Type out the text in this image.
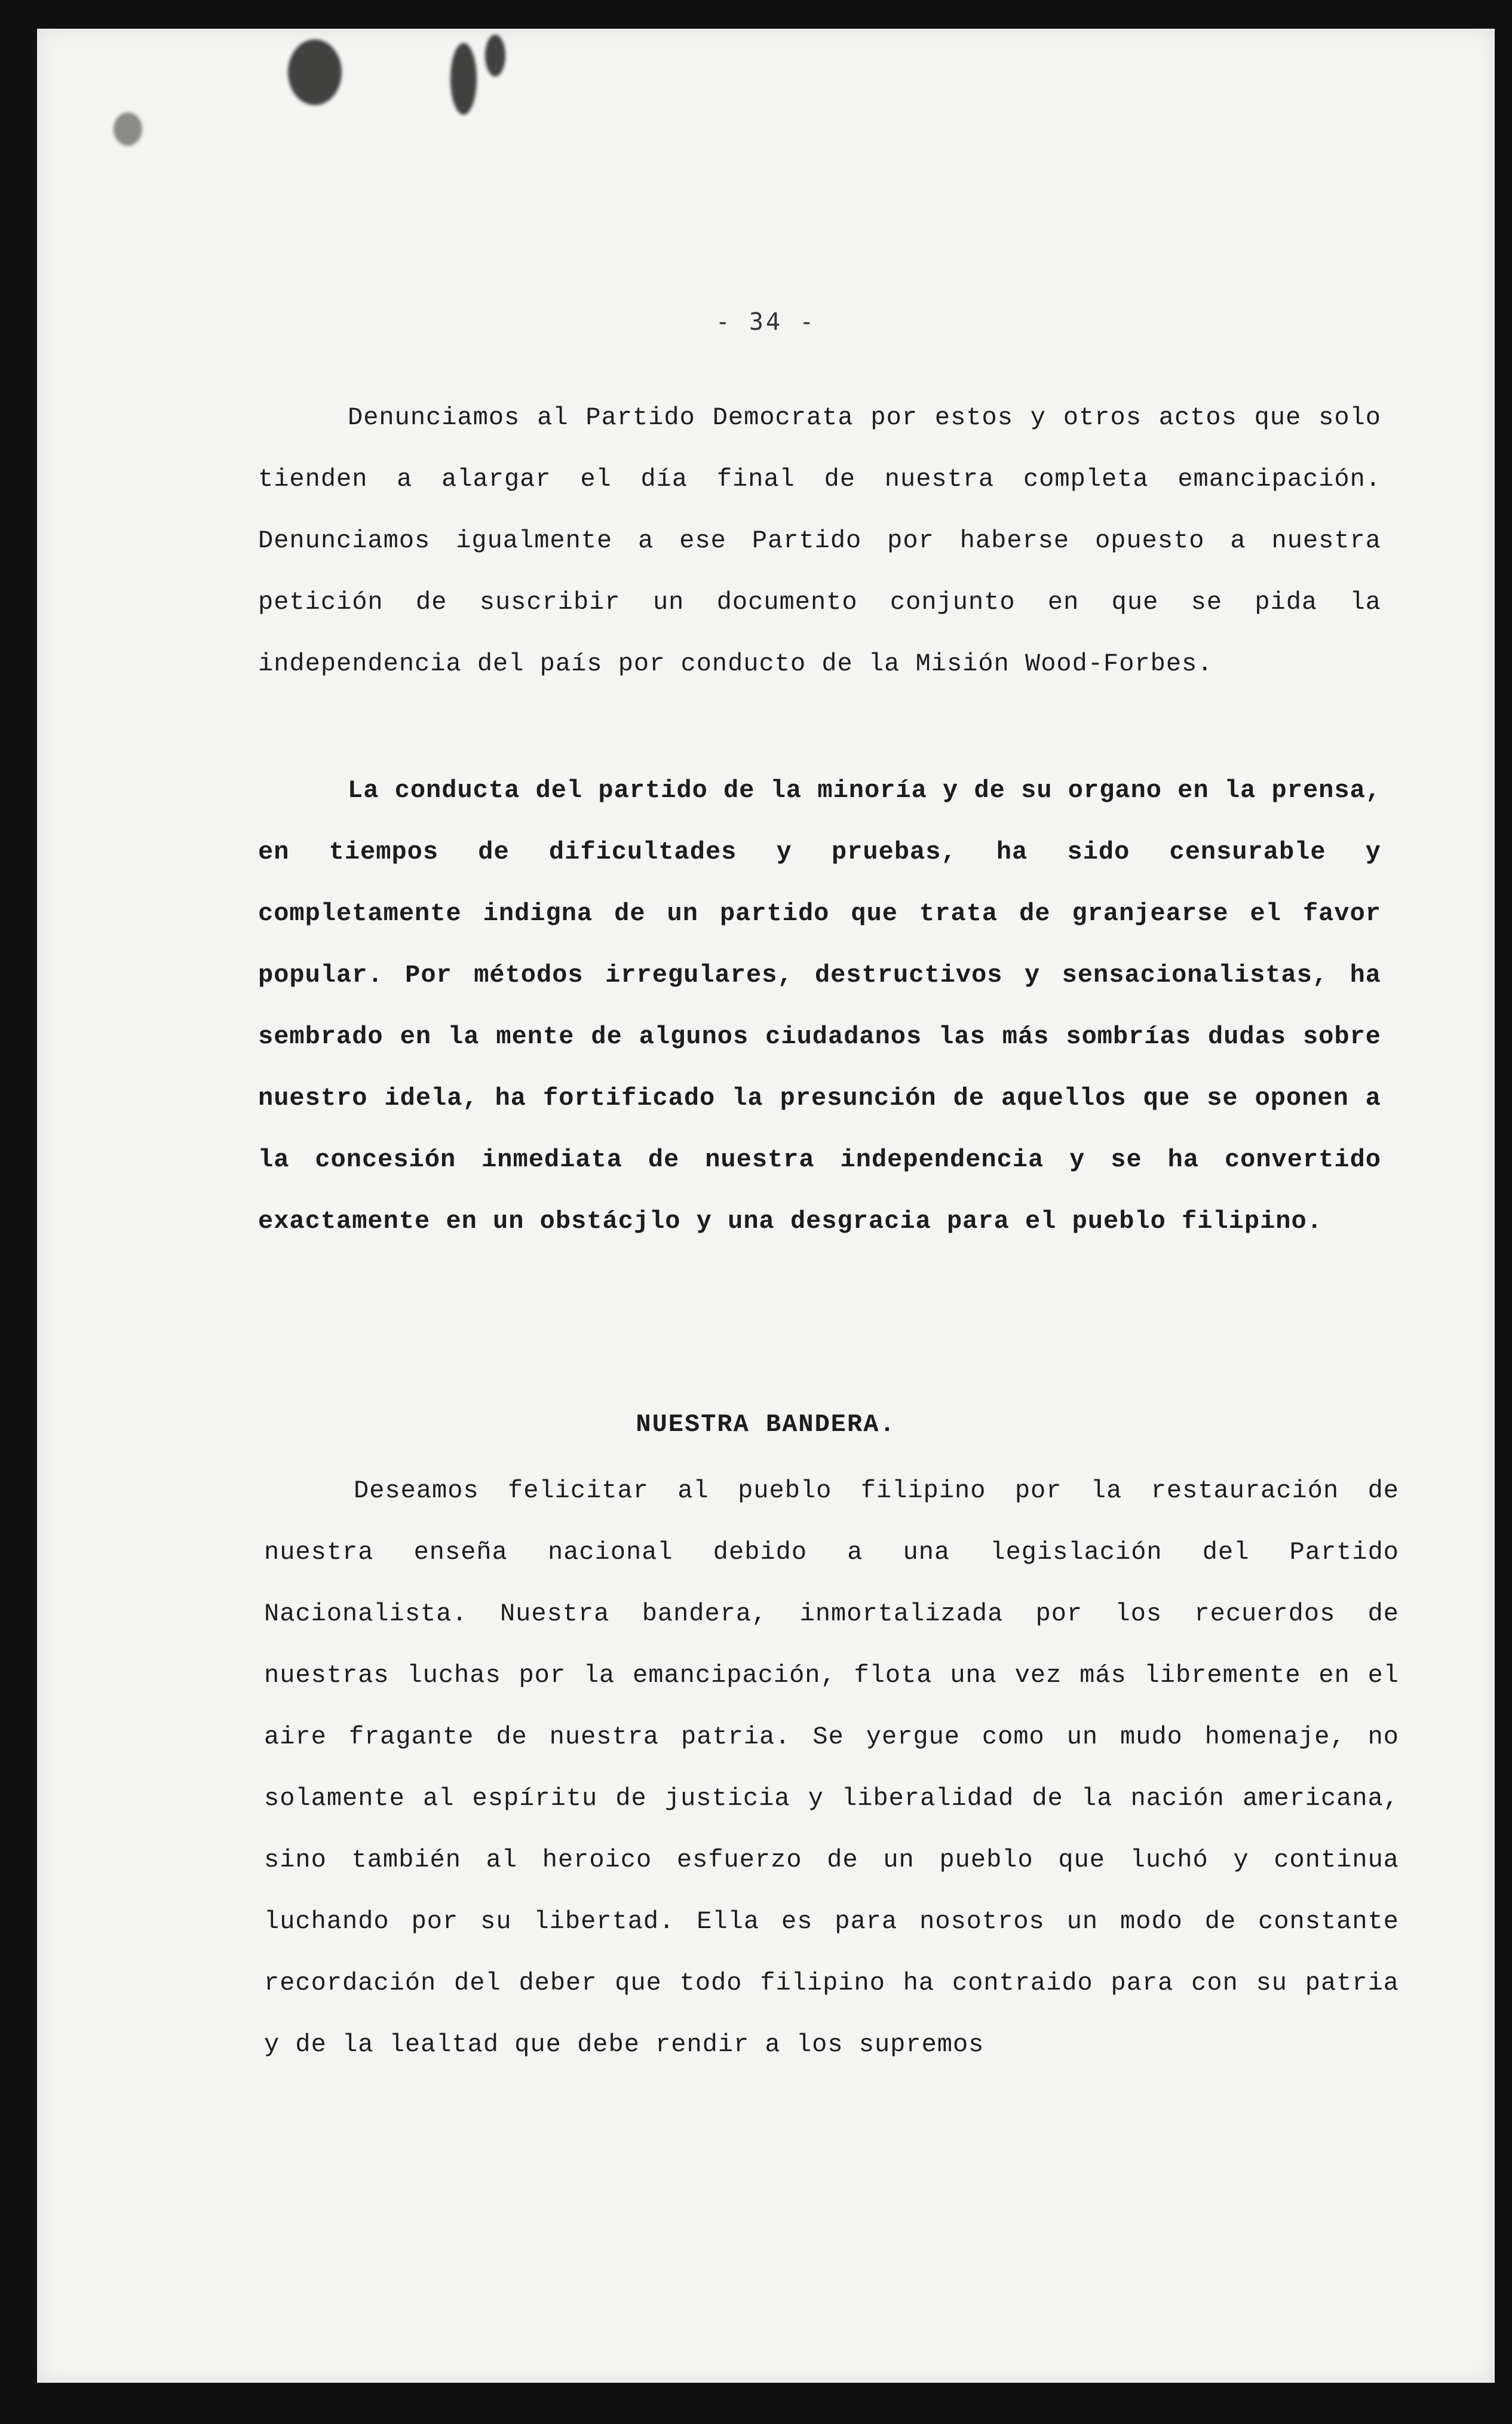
- 34 -

Denunciamos al Partido Democrata por estos y otros actos que solo tienden a alargar el día final de nuestra completa emancipación. Denunciamos igualmente a ese Partido por haberse opuesto a nuestra petición de suscribir un documento conjunto en que se pida la independencia del país por conducto de la Misión Wood-Forbes.

La conducta del partido de la minoría y de su organo en la prensa, en tiempos de dificultades y pruebas, ha sido censurable y completamente indigna de un partido que trata de granjearse el favor popular. Por métodos irregulares, destructivos y sensacionalistas, ha sembrado en la mente de algunos ciudadanos las más sombrías dudas sobre nuestro idela, ha fortificado la presunción de aquellos que se oponen a la concesión inmediata de nuestra independencia y se ha convertido exactamente en un obstácjlo y una desgracia para el pueblo filipino.

NUESTRA BANDERA.

Deseamos felicitar al pueblo filipino por la restauración de nuestra enseña nacional debido a una legislación del Partido Nacionalista. Nuestra bandera, inmortalizada por los recuerdos de nuestras luchas por la emancipación, flota una vez más libremente en el aire fragante de nuestra patria. Se yergue como un mudo homenaje, no solamente al espíritu de justicia y liberalidad de la nación americana, sino también al heroico esfuerzo de un pueblo que luchó y continua luchando por su libertad. Ella es para nosotros un modo de constante recordación del deber que todo filipino ha contraido para con su patria y de la lealtad que debe rendir a los supremos
